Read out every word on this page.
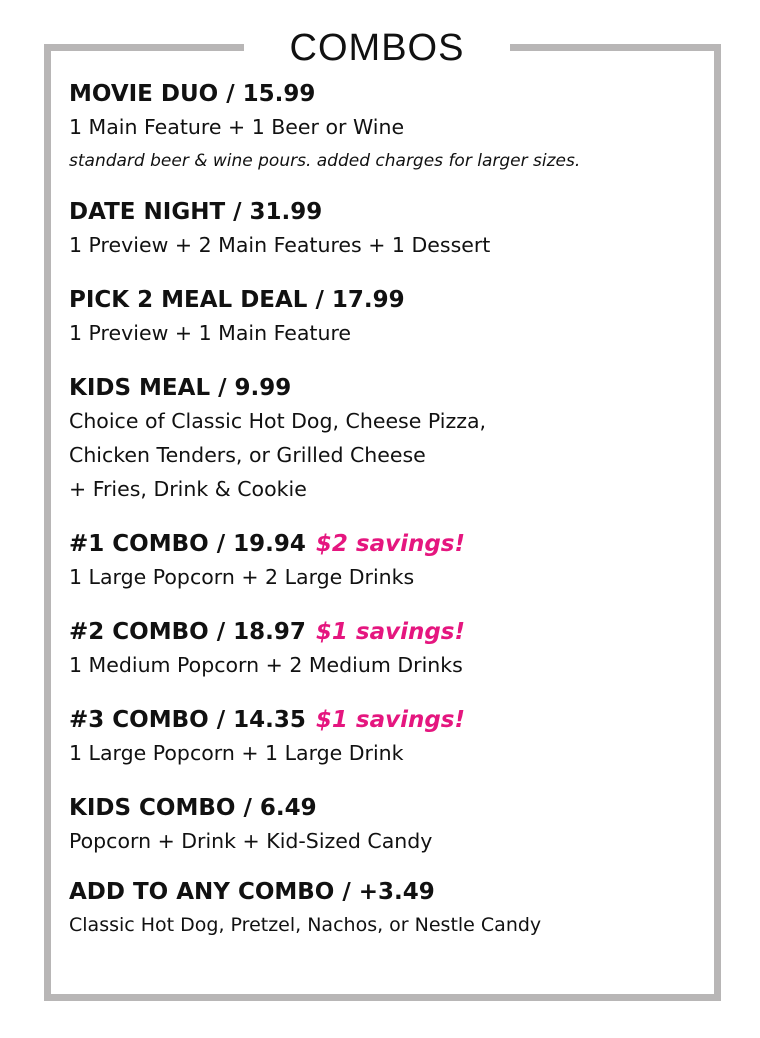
COMBOS
MOVIE DUO / 15.99
1 Main Feature + 1 Beer or Wine
standard beer & wine pours. added charges for larger sizes.
DATE NIGHT / 31.99
1 Preview + 2 Main Features + 1 Dessert
PICK 2 MEAL DEAL / 17.99
1 Preview + 1 Main Feature
KIDS MEAL / 9.99
Choice of Classic Hot Dog, Cheese Pizza,
Chicken Tenders, or Grilled Cheese
+ Fries, Drink & Cookie
#1 COMBO / 19.94 $2 savings!
1 Large Popcorn + 2 Large Drinks
#2 COMBO / 18.97 $1 savings!
1 Medium Popcorn + 2 Medium Drinks
#3 COMBO / 14.35 $1 savings!
1 Large Popcorn + 1 Large Drink
KIDS COMBO / 6.49
Popcorn + Drink + Kid-Sized Candy
ADD TO ANY COMBO / +3.49
Classic Hot Dog, Pretzel, Nachos, or Nestle Candy
